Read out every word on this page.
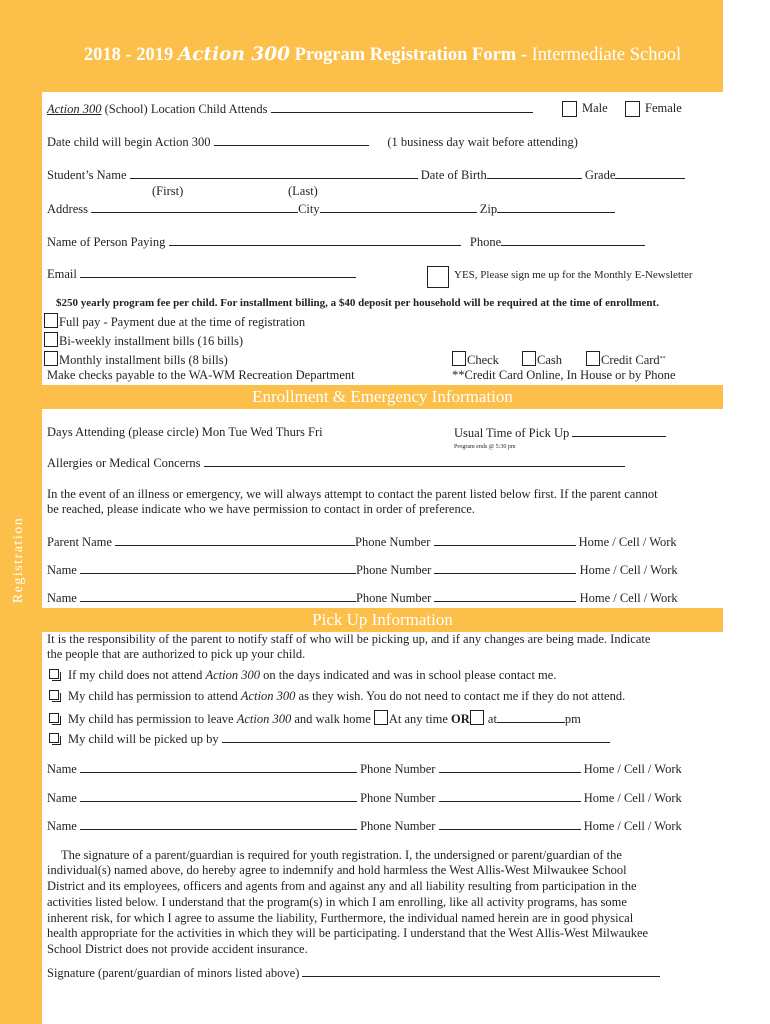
Registration
2018 - 2019 Action 300 Program Registration Form - Intermediate School
Action 300 (School) Location Child Attends	Male	Female
Date child will begin Action 300	(1 business day wait before attending)
Student’s Name	Date of Birth	Grade
(First)	(Last)
Address	City	Zip
Name of Person Paying	Phone
Email	YES, Please sign me up for the Monthly E-Newsletter
$250 yearly program fee per child. For installment billing, a $40 deposit per household will be required at the time of enrollment.
Full pay - Payment due at the time of registration
Bi-weekly installment bills (16 bills)
Monthly installment bills (8 bills)	Check	Cash	Credit Card**
Make checks payable to the WA-WM Recreation Department	**Credit Card Online, In House or by Phone
Enrollment & Emergency Information
Days Attending (please circle) Mon Tue Wed Thurs Fri	Usual Time of Pick Up
Program ends @ 5:30 pm
Allergies or Medical Concerns
In the event of an illness or emergency, we will always attempt to contact the parent listed below first. If the parent cannot
be reached, please indicate who we have permission to contact in order of preference.
Parent Name	Phone Number	Home / Cell / Work
Name	Phone Number	Home / Cell / Work
Name	Phone Number	Home / Cell / Work
Pick Up Information
It is the responsibility of the parent to notify staff of who will be picking up, and if any changes are being made. Indicate
the people that are authorized to pick up your child.
If my child does not attend Action 300 on the days indicated and was in school please contact me.
My child has permission to attend Action 300 as they wish. You do not need to contact me if they do not attend.
My child has permission to leave Action 300 and walk home At any time OR at	pm
My child will be picked up by
Name	Phone Number	Home / Cell / Work
Name	Phone Number	Home / Cell / Work
Name	Phone Number	Home / Cell / Work
The signature of a parent/guardian is required for youth registration. I, the undersigned or parent/guardian of the
individual(s) named above, do hereby agree to indemnify and hold harmless the West Allis-West Milwaukee School
District and its employees, officers and agents from and against any and all liability resulting from participation in the
activities listed below. I understand that the program(s) in which I am enrolling, like all activity programs, has some
inherent risk, for which I agree to assume the liability, Furthermore, the individual named herein are in good physical
health appropriate for the activities in which they will be participating. I understand that the West Allis-West Milwaukee
School District does not provide accident insurance.
Signature (parent/guardian of minors listed above)
